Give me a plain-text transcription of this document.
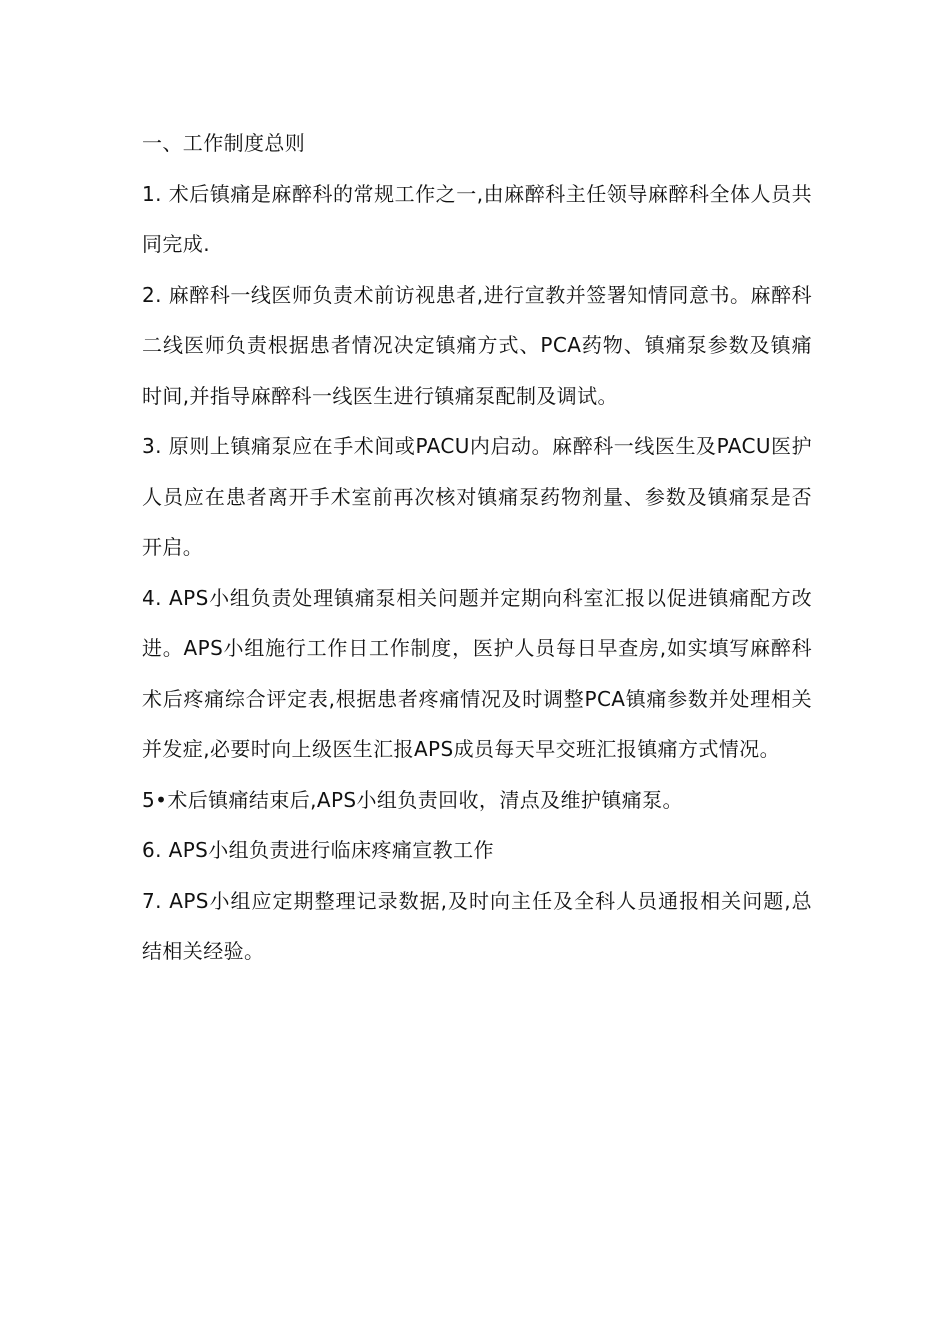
一、工作制度总则

1. 术后镇痛是麻醉科的常规工作之一,由麻醉科主任领导麻醉科全体人员共同完成.

2. 麻醉科一线医师负责术前访视患者,进行宣教并签署知情同意书。麻醉科二线医师负责根据患者情况决定镇痛方式、PCA药物、镇痛泵参数及镇痛时间,并指导麻醉科一线医生进行镇痛泵配制及调试。

3. 原则上镇痛泵应在手术间或PACU内启动。麻醉科一线医生及PACU医护人员应在患者离开手术室前再次核对镇痛泵药物剂量、参数及镇痛泵是否开启。

4. APS小组负责处理镇痛泵相关问题并定期向科室汇报以促进镇痛配方改进。APS小组施行工作日工作制度，医护人员每日早查房,如实填写麻醉科术后疼痛综合评定表,根据患者疼痛情况及时调整PCA镇痛参数并处理相关并发症,必要时向上级医生汇报APS成员每天早交班汇报镇痛方式情况。

5•术后镇痛结束后,APS小组负责回收，清点及维护镇痛泵。

6. APS小组负责进行临床疼痛宣教工作

7. APS小组应定期整理记录数据,及时向主任及全科人员通报相关问题,总结相关经验。
